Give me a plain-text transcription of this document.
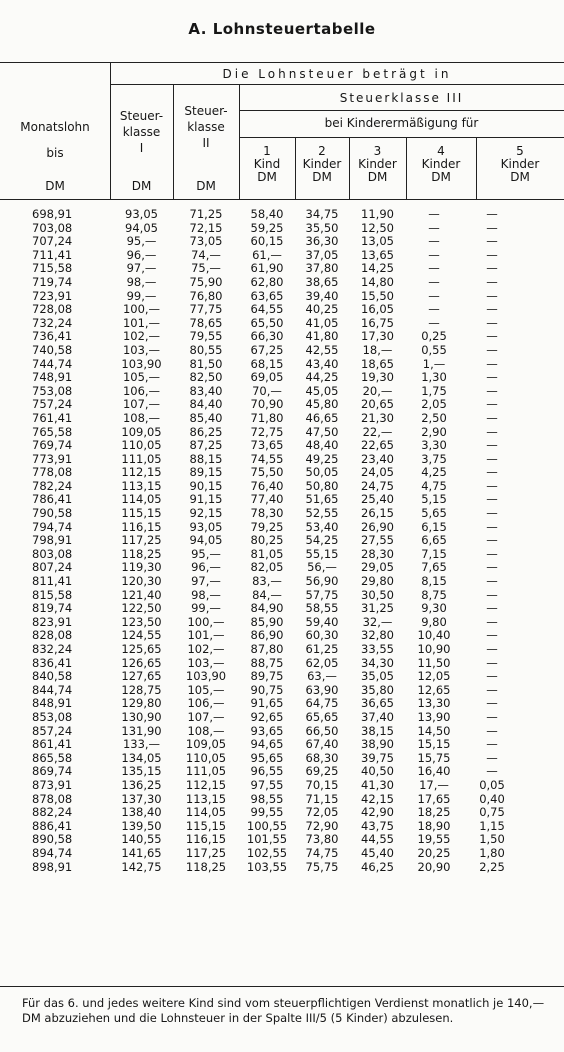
A. Lohnsteuertabelle
Die Lohnsteuer beträgt in
Monatslohn
bis
DM
Steuer-
klasse
I
DM
Steuer-
klasse
II
DM
Steuerklasse III
bei Kinderermäßigung für
1
Kind
DM
2
Kinder
DM
3
Kinder
DM
4
Kinder
DM
5
Kinder
DM
698,91	93,05	71,25	58,40	34,75	11,90	—	—
703,08	94,05	72,15	59,25	35,50	12,50	—	—
707,24	95,—	73,05	60,15	36,30	13,05	—	—
711,41	96,—	74,—	61,—	37,05	13,65	—	—
715,58	97,—	75,—	61,90	37,80	14,25	—	—
719,74	98,—	75,90	62,80	38,65	14,80	—	—
723,91	99,—	76,80	63,65	39,40	15,50	—	—
728,08	100,—	77,75	64,55	40,25	16,05	—	—
732,24	101,—	78,65	65,50	41,05	16,75	—	—
736,41	102,—	79,55	66,30	41,80	17,30	0,25	—
740,58	103,—	80,55	67,25	42,55	18,—	0,55	—
744,74	103,90	81,50	68,15	43,40	18,65	1,—	—
748,91	105,—	82,50	69,05	44,25	19,30	1,30	—
753,08	106,—	83,40	70,—	45,05	20,—	1,75	—
757,24	107,—	84,40	70,90	45,80	20,65	2,05	—
761,41	108,—	85,40	71,80	46,65	21,30	2,50	—
765,58	109,05	86,25	72,75	47,50	22,—	2,90	—
769,74	110,05	87,25	73,65	48,40	22,65	3,30	—
773,91	111,05	88,15	74,55	49,25	23,40	3,75	—
778,08	112,15	89,15	75,50	50,05	24,05	4,25	—
782,24	113,15	90,15	76,40	50,80	24,75	4,75	—
786,41	114,05	91,15	77,40	51,65	25,40	5,15	—
790,58	115,15	92,15	78,30	52,55	26,15	5,65	—
794,74	116,15	93,05	79,25	53,40	26,90	6,15	—
798,91	117,25	94,05	80,25	54,25	27,55	6,65	—
803,08	118,25	95,—	81,05	55,15	28,30	7,15	—
807,24	119,30	96,—	82,05	56,—	29,05	7,65	—
811,41	120,30	97,—	83,—	56,90	29,80	8,15	—
815,58	121,40	98,—	84,—	57,75	30,50	8,75	—
819,74	122,50	99,—	84,90	58,55	31,25	9,30	—
823,91	123,50	100,—	85,90	59,40	32,—	9,80	—
828,08	124,55	101,—	86,90	60,30	32,80	10,40	—
832,24	125,65	102,—	87,80	61,25	33,55	10,90	—
836,41	126,65	103,—	88,75	62,05	34,30	11,50	—
840,58	127,65	103,90	89,75	63,—	35,05	12,05	—
844,74	128,75	105,—	90,75	63,90	35,80	12,65	—
848,91	129,80	106,—	91,65	64,75	36,65	13,30	—
853,08	130,90	107,—	92,65	65,65	37,40	13,90	—
857,24	131,90	108,—	93,65	66,50	38,15	14,50	—
861,41	133,—	109,05	94,65	67,40	38,90	15,15	—
865,58	134,05	110,05	95,65	68,30	39,75	15,75	—
869,74	135,15	111,05	96,55	69,25	40,50	16,40	—
873,91	136,25	112,15	97,55	70,15	41,30	17,—	0,05
878,08	137,30	113,15	98,55	71,15	42,15	17,65	0,40
882,24	138,40	114,05	99,55	72,05	42,90	18,25	0,75
886,41	139,50	115,15	100,55	72,90	43,75	18,90	1,15
890,58	140,55	116,15	101,55	73,80	44,55	19,55	1,50
894,74	141,65	117,25	102,55	74,75	45,40	20,25	1,80
898,91	142,75	118,25	103,55	75,75	46,25	20,90	2,25
Für das 6. und jedes weitere Kind sind vom steuerpflichtigen Verdienst monatlich je 140,— DM abzuziehen und die Lohnsteuer in der Spalte III/5 (5 Kinder) abzulesen.
